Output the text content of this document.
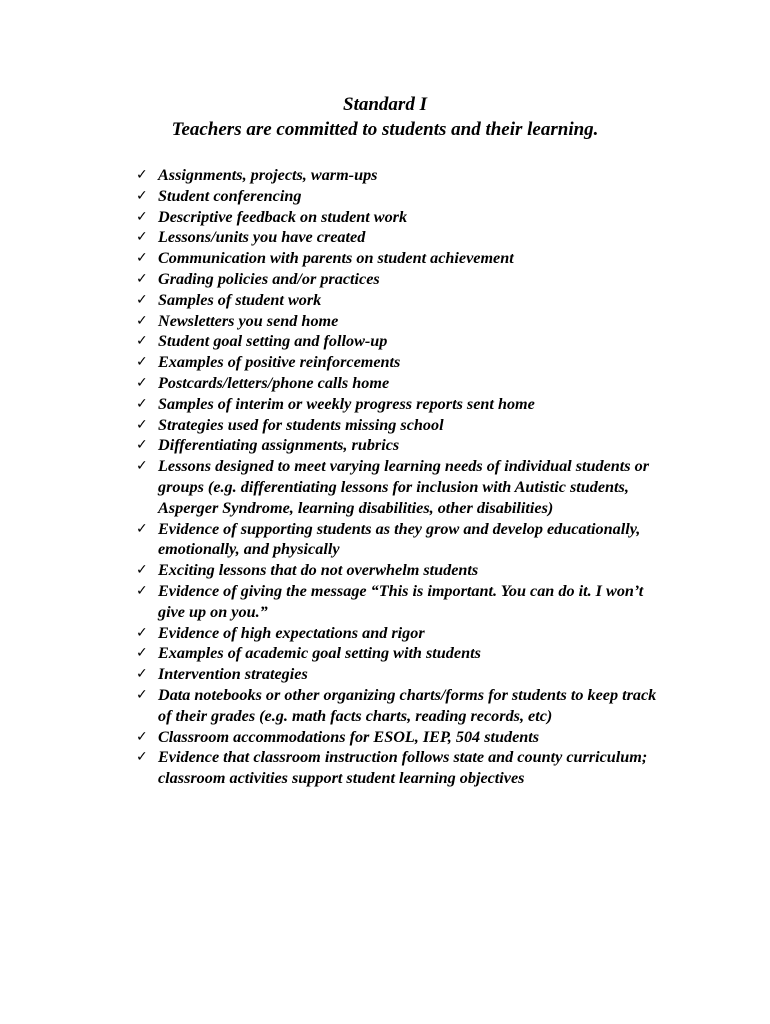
Standard I
Teachers are committed to students and their learning.
✓ Assignments, projects, warm-ups
✓ Student conferencing
✓ Descriptive feedback on student work
✓ Lessons/units you have created
✓ Communication with parents on student achievement
✓ Grading policies and/or practices
✓ Samples of student work
✓ Newsletters you send home
✓ Student goal setting and follow-up
✓ Examples of positive reinforcements
✓ Postcards/letters/phone calls home
✓ Samples of interim or weekly progress reports sent home
✓ Strategies used for students missing school
✓ Differentiating assignments, rubrics
✓ Lessons designed to meet varying learning needs of individual students or groups (e.g. differentiating lessons for inclusion with Autistic students, Asperger Syndrome, learning disabilities, other disabilities)
✓ Evidence of supporting students as they grow and develop educationally, emotionally, and physically
✓ Exciting lessons that do not overwhelm students
✓ Evidence of giving the message “This is important. You can do it. I won’t give up on you.”
✓ Evidence of high expectations and rigor
✓ Examples of academic goal setting with students
✓ Intervention strategies
✓ Data notebooks or other organizing charts/forms for students to keep track of their grades (e.g. math facts charts, reading records, etc)
✓ Classroom accommodations for ESOL, IEP, 504 students
✓ Evidence that classroom instruction follows state and county curriculum; classroom activities support student learning objectives
